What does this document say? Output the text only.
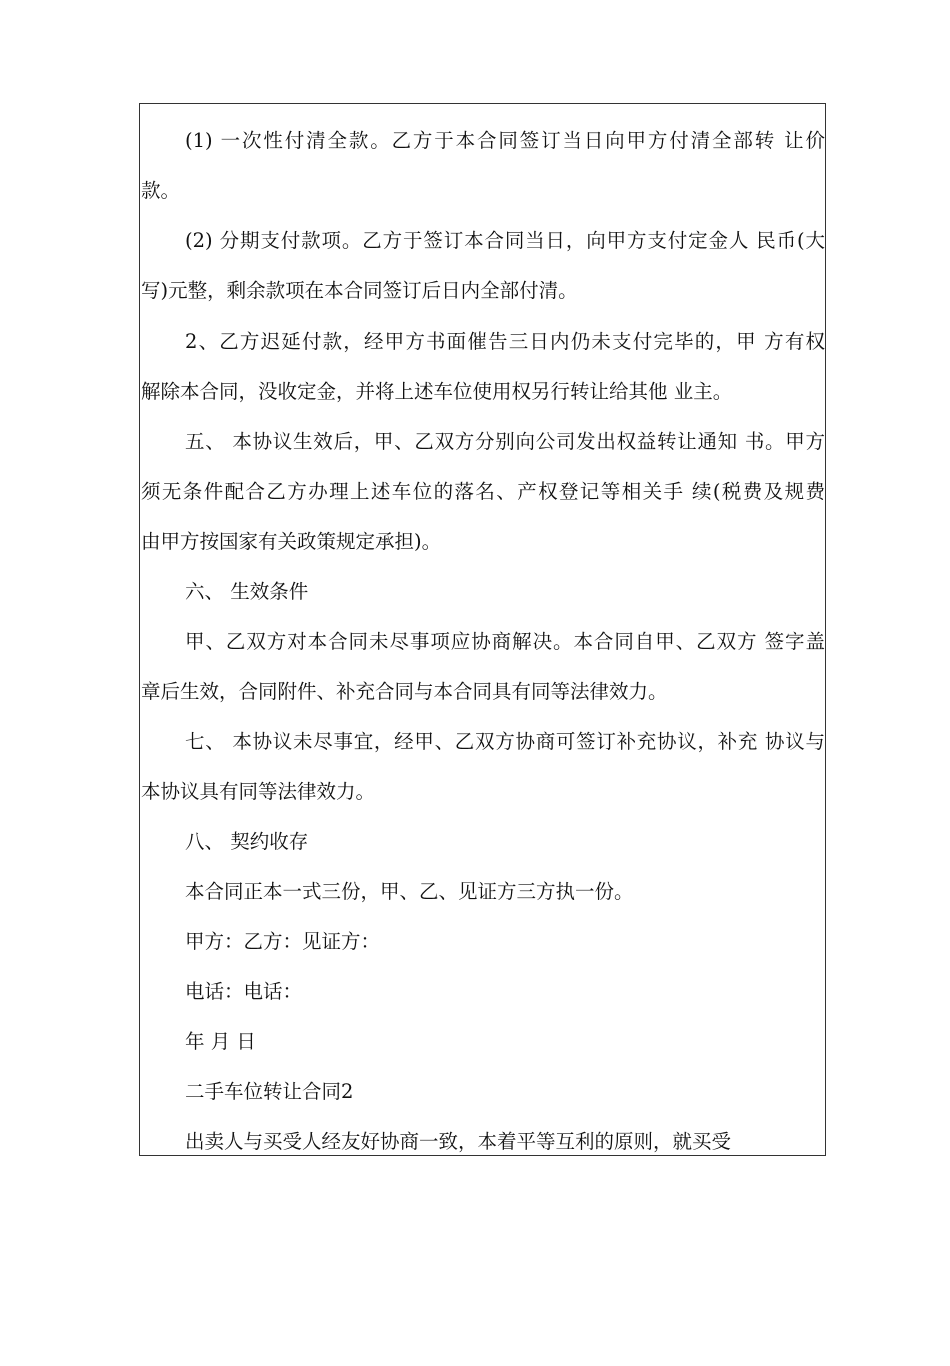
(1) 一次性付清全款。乙方于本合同签订当日向甲方付清全部转 让价
款。
(2) 分期支付款项。乙方于签订本合同当日，向甲方支付定金人 民币(大
写)元整，剩余款项在本合同签订后日内全部付清。
2、乙方迟延付款，经甲方书面催告三日内仍未支付完毕的，甲 方有权
解除本合同，没收定金，并将上述车位使用权另行转让给其他 业主。
五、 本协议生效后，甲、乙双方分别向公司发出权益转让通知 书。甲方
须无条件配合乙方办理上述车位的落名、产权登记等相关手 续(税费及规费
由甲方按国家有关政策规定承担)。
六、 生效条件
甲、乙双方对本合同未尽事项应协商解决。本合同自甲、乙双方 签字盖
章后生效，合同附件、补充合同与本合同具有同等法律效力。
七、 本协议未尽事宜，经甲、乙双方协商可签订补充协议，补充 协议与
本协议具有同等法律效力。
八、 契约收存
本合同正本一式三份，甲、乙、见证方三方执一份。
甲方：乙方：见证方：
电话：电话：
年 月 日
二手车位转让合同2
出卖人与买受人经友好协商一致，本着平等互利的原则，就买受
